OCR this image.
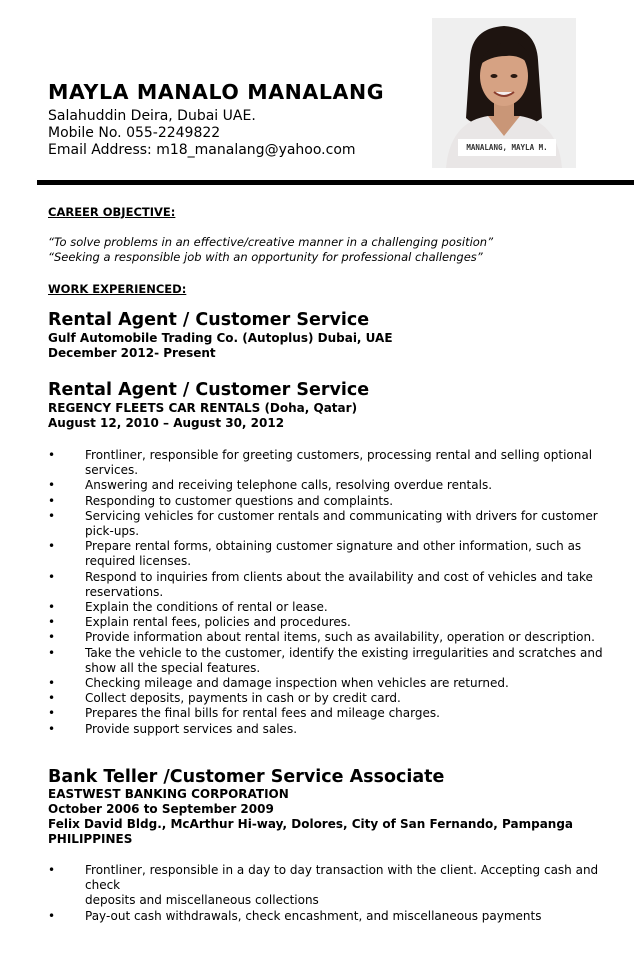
MAYLA MANALO MANALANG
Salahuddin Deira, Dubai UAE.
Mobile No. 055-2249822
Email Address: m18_manalang@yahoo.com	MANALANG, MAYLA M.
CAREER OBJECTIVE:
“To solve problems in an effective/creative manner in a challenging position”
“Seeking a responsible job with an opportunity for professional challenges”
WORK EXPERIENCED:
Rental Agent / Customer Service
Gulf Automobile Trading Co. (Autoplus) Dubai, UAE
December 2012- Present
Rental Agent / Customer Service
REGENCY FLEETS CAR RENTALS (Doha, Qatar)
August 12, 2010 – August 30, 2012
• Frontliner, responsible for greeting customers, processing rental and selling optional services.
• Answering and receiving telephone calls, resolving overdue rentals.
• Responding to customer questions and complaints.
• Servicing vehicles for customer rentals and communicating with drivers for customer pick-ups.
• Prepare rental forms, obtaining customer signature and other information, such as required licenses.
• Respond to inquiries from clients about the availability and cost of vehicles and take reservations.
• Explain the conditions of rental or lease.
• Explain rental fees, policies and procedures.
• Provide information about rental items, such as availability, operation or description.
• Take the vehicle to the customer, identify the existing irregularities and scratches and show all the special features.
• Checking mileage and damage inspection when vehicles are returned.
• Collect deposits, payments in cash or by credit card.
• Prepares the final bills for rental fees and mileage charges.
• Provide support services and sales.
Bank Teller /Customer Service Associate
EASTWEST BANKING CORPORATION
October 2006 to September 2009
Felix David Bldg., McArthur Hi-way, Dolores, City of San Fernando, Pampanga
PHILIPPINES
• Frontliner, responsible in a day to day transaction with the client. Accepting cash and check
deposits and miscellaneous collections
• Pay-out cash withdrawals, check encashment, and miscellaneous payments
